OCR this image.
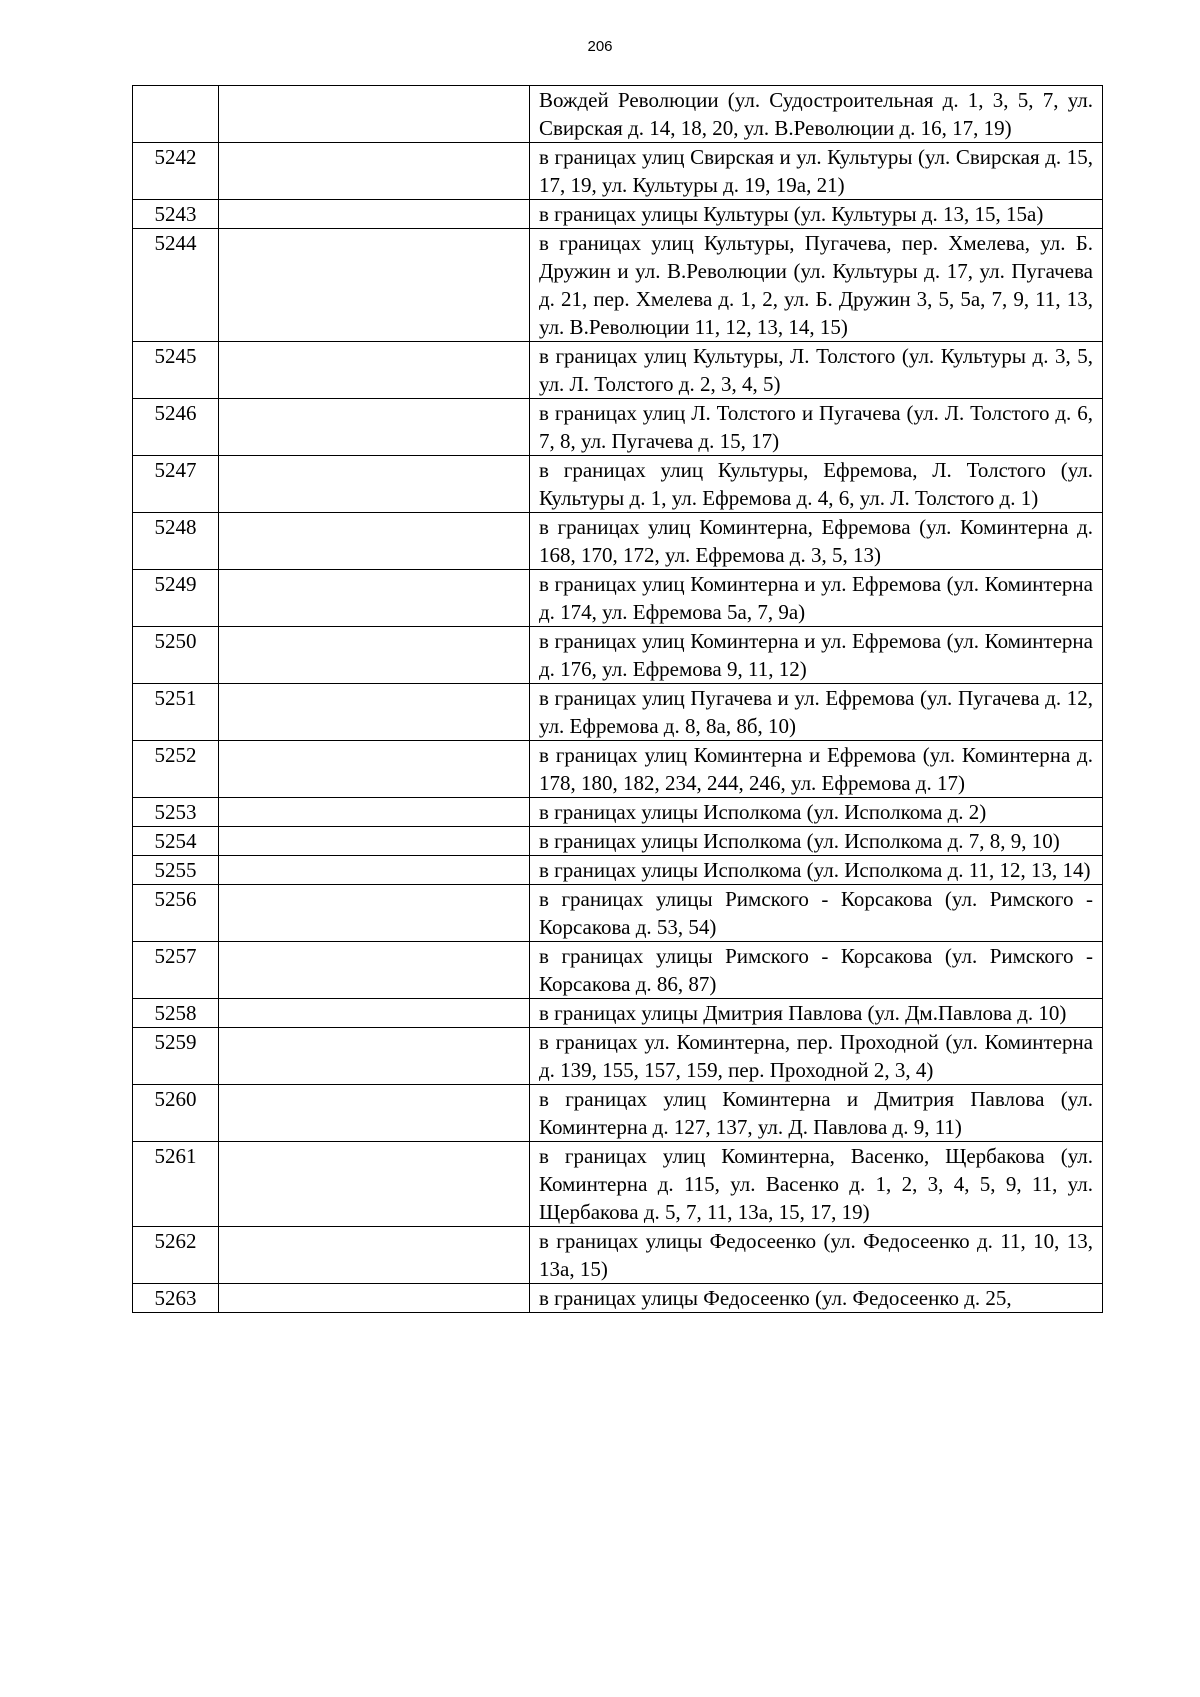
206
		Вождей Революции (ул. Судостроительная д. 1, 3, 5, 7, ул. Свирская д. 14, 18, 20, ул. В.Революции д. 16, 17, 19)
5242		в границах улиц Свирская и ул. Культуры (ул. Свирская д. 15, 17, 19, ул. Культуры д. 19, 19а, 21)
5243		в границах улицы Культуры (ул. Культуры д. 13, 15, 15а)
5244		в границах улиц Культуры, Пугачева, пер. Хмелева, ул. Б. Дружин и ул. В.Революции (ул. Культуры д. 17, ул. Пугачева д. 21, пер. Хмелева д. 1, 2, ул. Б. Дружин 3, 5, 5а, 7, 9, 11, 13, ул. В.Революции 11, 12, 13, 14, 15)
5245		в границах улиц Культуры, Л. Толстого (ул. Культуры д. 3, 5, ул. Л. Толстого д. 2, 3, 4, 5)
5246		в границах улиц Л. Толстого и Пугачева (ул. Л. Толстого д. 6, 7, 8, ул. Пугачева д. 15, 17)
5247		в границах улиц Культуры, Ефремова, Л. Толстого (ул. Культуры д. 1, ул. Ефремова д. 4, 6, ул. Л. Толстого д. 1)
5248		в границах улиц Коминтерна, Ефремова (ул. Коминтерна д. 168, 170, 172, ул. Ефремова д. 3, 5, 13)
5249		в границах улиц Коминтерна и ул. Ефремова (ул. Коминтерна д. 174, ул. Ефремова 5а, 7, 9а)
5250		в границах улиц Коминтерна и ул. Ефремова (ул. Коминтерна д. 176, ул. Ефремова 9, 11, 12)
5251		в границах улиц Пугачева и ул. Ефремова (ул. Пугачева д. 12, ул. Ефремова д. 8, 8а, 8б, 10)
5252		в границах улиц Коминтерна и Ефремова (ул. Коминтерна д. 178, 180, 182, 234, 244, 246, ул. Ефремова д. 17)
5253		в границах улицы Исполкома (ул. Исполкома д. 2)
5254		в границах улицы Исполкома (ул. Исполкома д. 7, 8, 9, 10)
5255		в границах улицы Исполкома (ул. Исполкома д. 11, 12, 13, 14)
5256		в границах улицы Римского - Корсакова (ул. Римского - Корсакова д. 53, 54)
5257		в границах улицы Римского - Корсакова (ул. Римского - Корсакова д. 86, 87)
5258		в границах улицы Дмитрия Павлова (ул. Дм.Павлова д. 10)
5259		в границах ул. Коминтерна, пер. Проходной (ул. Коминтерна д. 139, 155, 157, 159, пер. Проходной 2, 3, 4)
5260		в границах улиц Коминтерна и Дмитрия Павлова (ул. Коминтерна д. 127, 137, ул. Д. Павлова д. 9, 11)
5261		в границах улиц Коминтерна, Васенко, Щербакова (ул. Коминтерна д. 115, ул. Васенко д. 1, 2, 3, 4, 5, 9, 11, ул. Щербакова д. 5, 7, 11, 13а, 15, 17, 19)
5262		в границах улицы Федосеенко (ул. Федосеенко д. 11, 10, 13, 13а, 15)
5263		в границах улицы Федосеенко (ул. Федосеенко д. 25,
